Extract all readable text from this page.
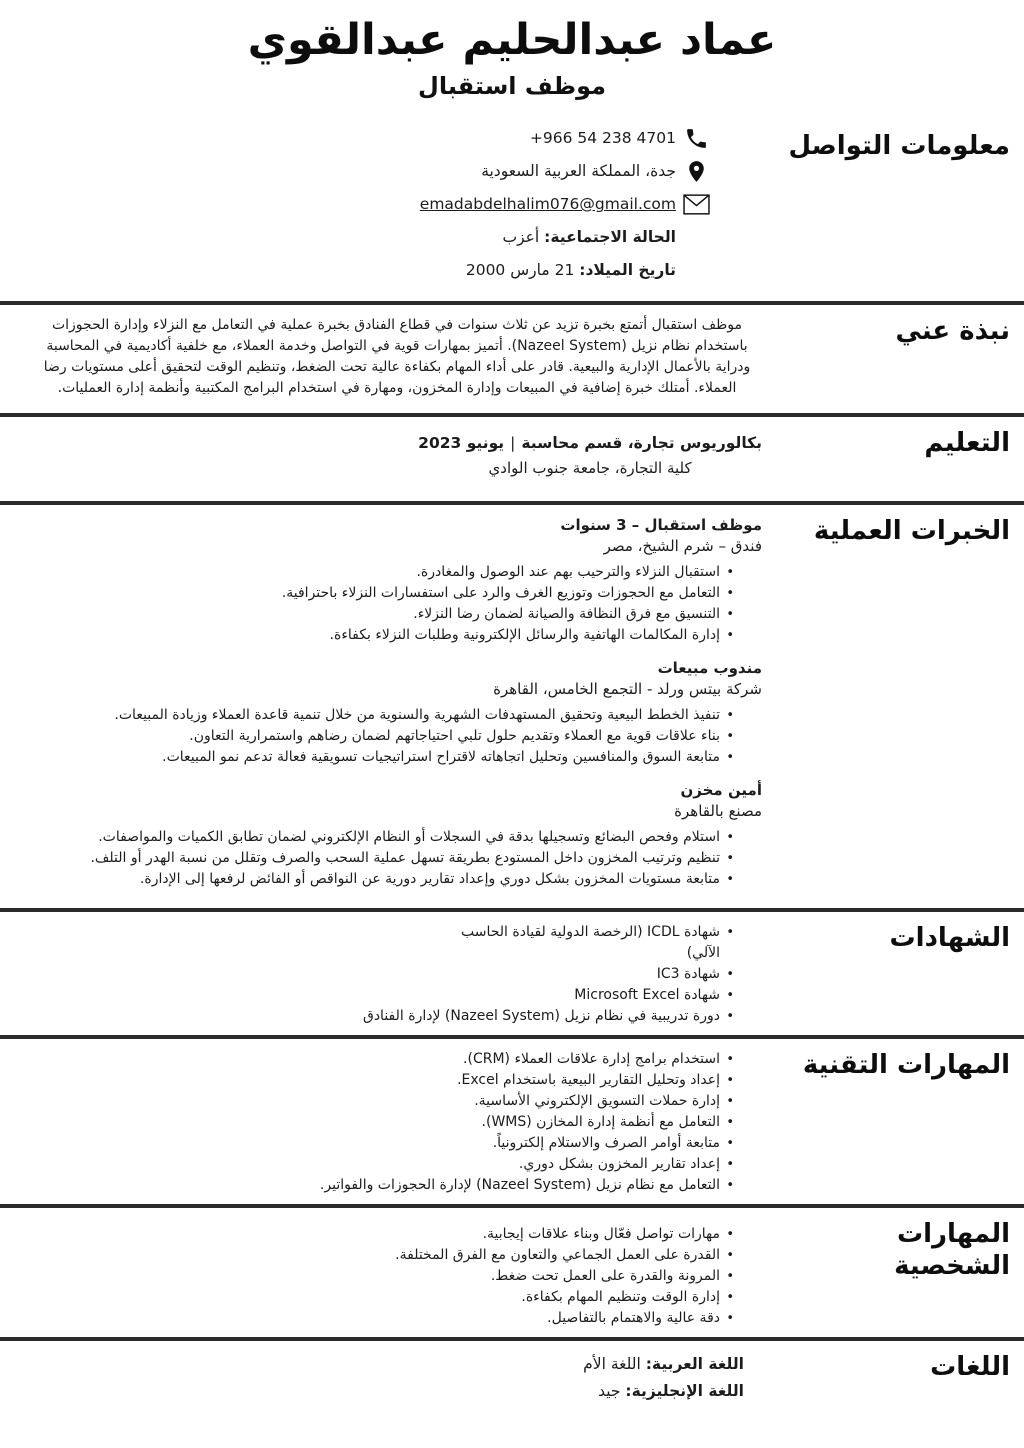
عماد عبدالحليم عبدالقوي
موظف استقبال
معلومات التواصل
+966 54 238 4701
جدة، المملكة العربية السعودية
emadabdelhalim076@gmail.com
الحالة الاجتماعية: أعزب
تاريخ الميلاد: 21 مارس 2000
نبذة عني
موظف استقبال أتمتع بخبرة تزيد عن ثلاث سنوات في قطاع الفنادق بخبرة عملية في التعامل مع النزلاء وإدارة الحجوزات باستخدام نظام نزيل (Nazeel System). أتميز بمهارات قوية في التواصل وخدمة العملاء، مع خلفية أكاديمية في المحاسبة ودراية بالأعمال الإدارية والبيعية. قادر على أداء المهام بكفاءة عالية تحت الضغط، وتنظيم الوقت لتحقيق أعلى مستويات رضا العملاء. أمتلك خبرة إضافية في المبيعات وإدارة المخزون، ومهارة في استخدام البرامج المكتبية وأنظمة إدارة العمليات.
التعليم
بكالوريوس تجارة، قسم محاسبة|يونيو 2023
كلية التجارة، جامعة جنوب الوادي
الخبرات العملية
موظف استقبال – 3 سنوات
فندق – شرم الشيخ، مصر
• استقبال النزلاء والترحيب بهم عند الوصول والمغادرة.
• التعامل مع الحجوزات وتوزيع الغرف والرد على استفسارات النزلاء باحترافية.
• التنسيق مع فرق النظافة والصيانة لضمان رضا النزلاء.
• إدارة المكالمات الهاتفية والرسائل الإلكترونية وطلبات النزلاء بكفاءة.
مندوب مبيعات
شركة بيتس ورلد - التجمع الخامس، القاهرة
• تنفيذ الخطط البيعية وتحقيق المستهدفات الشهرية والسنوية من خلال تنمية قاعدة العملاء وزيادة المبيعات.
• بناء علاقات قوية مع العملاء وتقديم حلول تلبي احتياجاتهم لضمان رضاهم واستمرارية التعاون.
• متابعة السوق والمنافسين وتحليل اتجاهاته لاقتراح استراتيجيات تسويقية فعالة تدعم نمو المبيعات.
أمين مخزن
مصنع بالقاهرة
• استلام وفحص البضائع وتسجيلها بدقة في السجلات أو النظام الإلكتروني لضمان تطابق الكميات والمواصفات.
• تنظيم وترتيب المخزون داخل المستودع بطريقة تسهل عملية السحب والصرف وتقلل من نسبة الهدر أو التلف.
• متابعة مستويات المخزون بشكل دوري وإعداد تقارير دورية عن النواقص أو الفائض لرفعها إلى الإدارة.
الشهادات
• شهادة ICDL (الرخصة الدولية لقيادة الحاسب الآلي)
• شهادة IC3
• شهادة Microsoft Excel
• دورة تدريبية في نظام نزيل (Nazeel System) لإدارة الفنادق
المهارات التقنية
• استخدام برامج إدارة علاقات العملاء (CRM).
• إعداد وتحليل التقارير البيعية باستخدام Excel.
• إدارة حملات التسويق الإلكتروني الأساسية.
• التعامل مع أنظمة إدارة المخازن (WMS).
• متابعة أوامر الصرف والاستلام إلكترونياً.
• إعداد تقارير المخزون بشكل دوري.
• التعامل مع نظام نزيل (Nazeel System) لإدارة الحجوزات والفواتير.
المهارات الشخصية
• مهارات تواصل فعّال وبناء علاقات إيجابية.
• القدرة على العمل الجماعي والتعاون مع الفرق المختلفة.
• المرونة والقدرة على العمل تحت ضغط.
• إدارة الوقت وتنظيم المهام بكفاءة.
• دقة عالية والاهتمام بالتفاصيل.
اللغات
اللغة العربية: اللغة الأم
اللغة الإنجليزية: جيد
